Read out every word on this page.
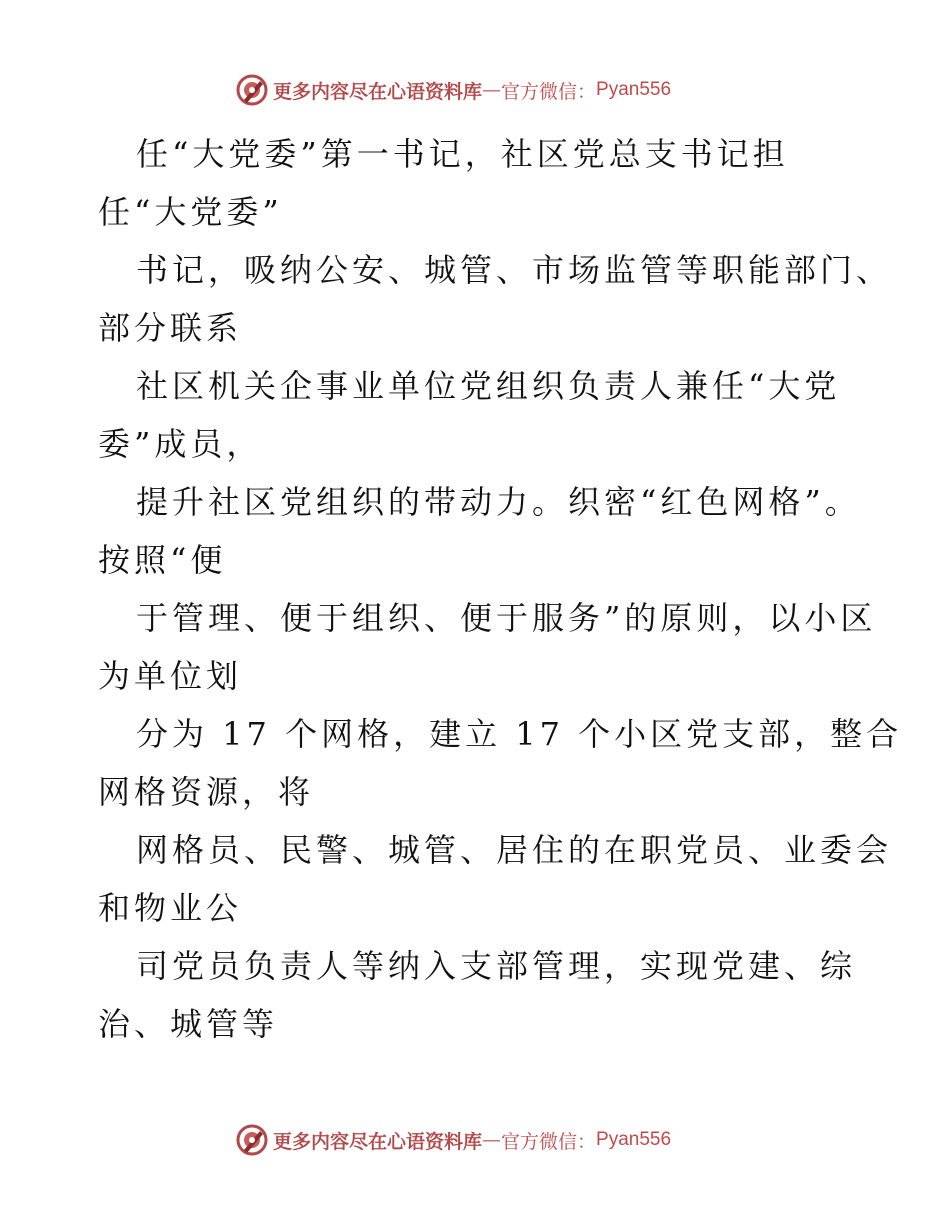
更多内容尽在心语资料库 — 官方微信： Pyan556
任“大党委”第一书记，社区党总支书记担
任“大党委”
书记，吸纳公安、城管、市场监管等职能部门、
部分联系
社区机关企事业单位党组织负责人兼任“大党
委”成员，
提升社区党组织的带动力。织密“红色网格”。
按照“便
于管理、便于组织、便于服务”的原则，以小区
为单位划
分为 17 个网格，建立 17 个小区党支部，整合
网格资源，将
网格员、民警、城管、居住的在职党员、业委会
和物业公
司党员负责人等纳入支部管理，实现党建、综
治、城管等
更多内容尽在心语资料库 — 官方微信： Pyan556
